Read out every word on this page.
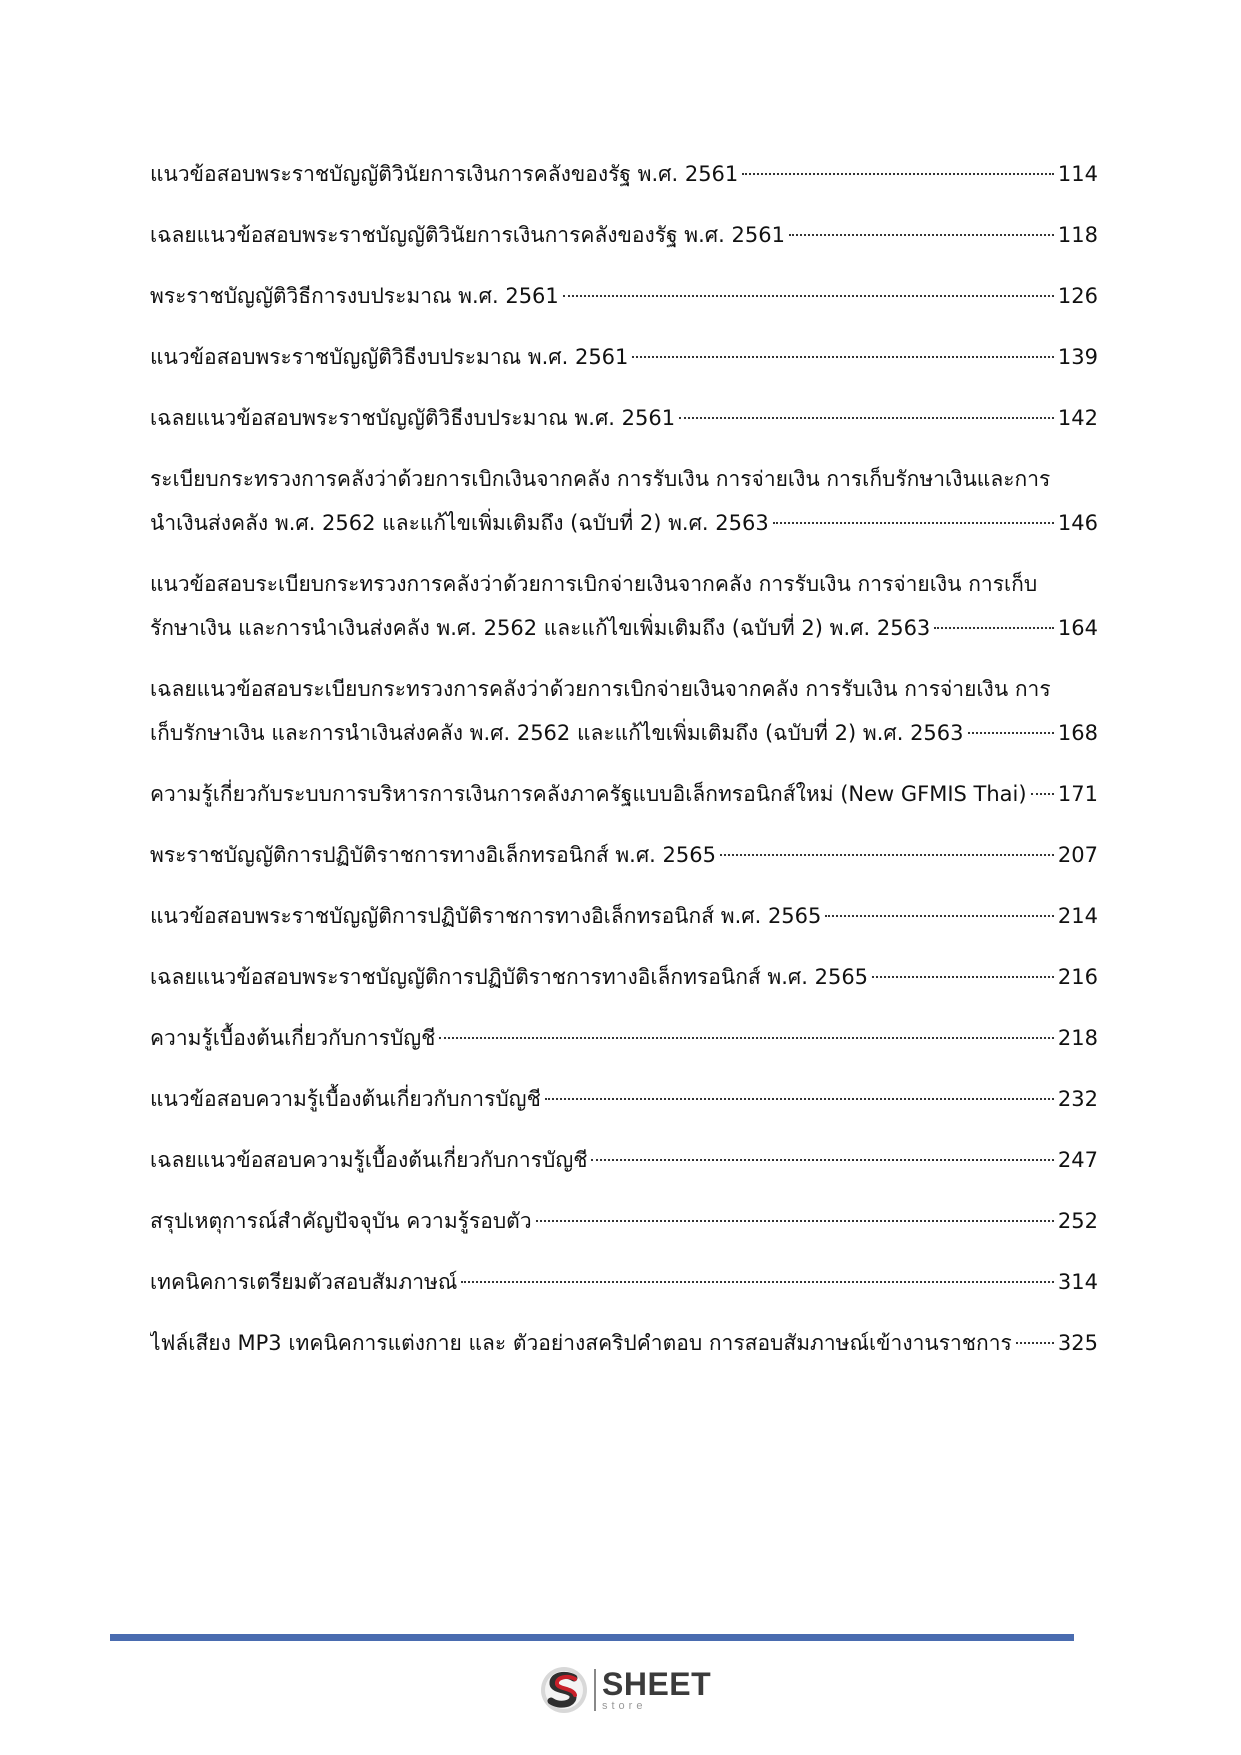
แนวข้อสอบพระราชบัญญัติวินัยการเงินการคลังของรัฐ พ.ศ. 2561	114
เฉลยแนวข้อสอบพระราชบัญญัติวินัยการเงินการคลังของรัฐ พ.ศ. 2561	118
พระราชบัญญัติวิธีการงบประมาณ พ.ศ. 2561	126
แนวข้อสอบพระราชบัญญัติวิธีงบประมาณ พ.ศ. 2561	139
เฉลยแนวข้อสอบพระราชบัญญัติวิธีงบประมาณ พ.ศ. 2561	142
ระเบียบกระทรวงการคลังว่าด้วยการเบิกเงินจากคลัง การรับเงิน การจ่ายเงิน การเก็บรักษาเงินและการ
นำเงินส่งคลัง พ.ศ. 2562 และแก้ไขเพิ่มเติมถึง (ฉบับที่ 2) พ.ศ. 2563	146
แนวข้อสอบระเบียบกระทรวงการคลังว่าด้วยการเบิกจ่ายเงินจากคลัง การรับเงิน การจ่ายเงิน การเก็บ
รักษาเงิน และการนำเงินส่งคลัง พ.ศ. 2562 และแก้ไขเพิ่มเติมถึง (ฉบับที่ 2) พ.ศ. 2563	164
เฉลยแนวข้อสอบระเบียบกระทรวงการคลังว่าด้วยการเบิกจ่ายเงินจากคลัง การรับเงิน การจ่ายเงิน การ
เก็บรักษาเงิน และการนำเงินส่งคลัง พ.ศ. 2562 และแก้ไขเพิ่มเติมถึง (ฉบับที่ 2) พ.ศ. 2563	168
ความรู้เกี่ยวกับระบบการบริหารการเงินการคลังภาครัฐแบบอิเล็กทรอนิกส์ใหม่ (New GFMIS Thai) 171
พระราชบัญญัติการปฏิบัติราชการทางอิเล็กทรอนิกส์ พ.ศ. 2565	207
แนวข้อสอบพระราชบัญญัติการปฏิบัติราชการทางอิเล็กทรอนิกส์ พ.ศ. 2565	214
เฉลยแนวข้อสอบพระราชบัญญัติการปฏิบัติราชการทางอิเล็กทรอนิกส์ พ.ศ. 2565	216
ความรู้เบื้องต้นเกี่ยวกับการบัญชี	218
แนวข้อสอบความรู้เบื้องต้นเกี่ยวกับการบัญชี	232
เฉลยแนวข้อสอบความรู้เบื้องต้นเกี่ยวกับการบัญชี	247
สรุปเหตุการณ์สำคัญปัจจุบัน ความรู้รอบตัว	252
เทคนิคการเตรียมตัวสอบสัมภาษณ์	314
ไฟล์เสียง MP3 เทคนิคการแต่งกาย และ ตัวอย่างสคริปคำตอบ การสอบสัมภาษณ์เข้างานราชการ 325
SHEET
store
